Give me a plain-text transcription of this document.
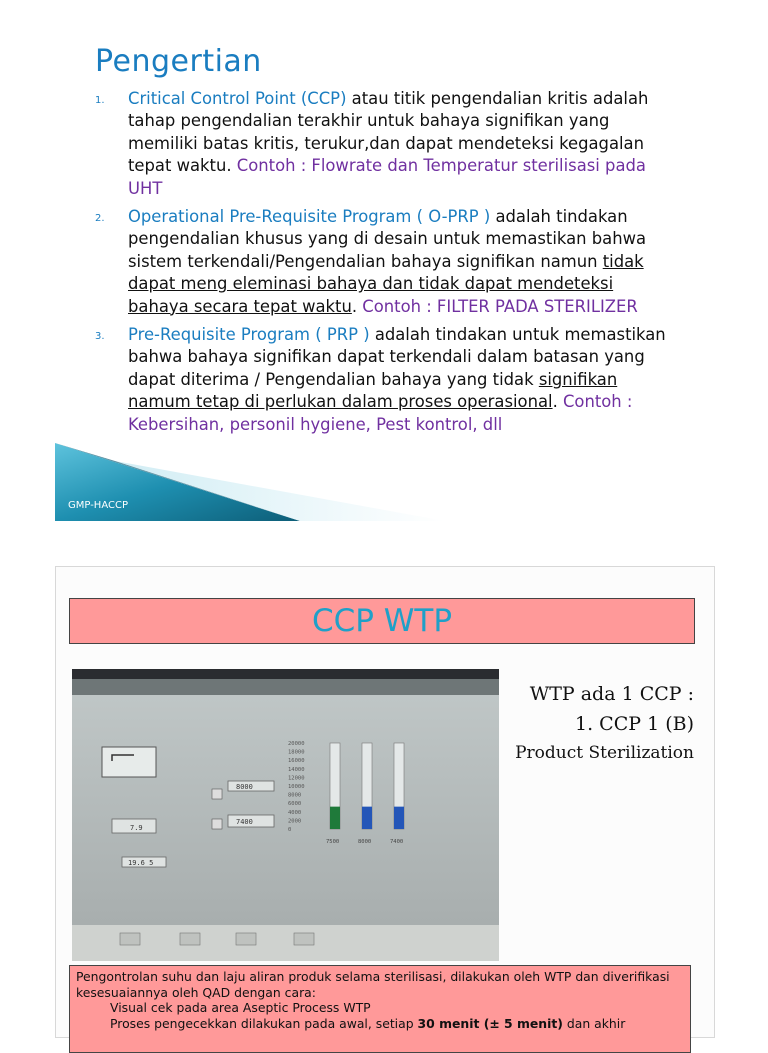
Pengertian
1. Critical Control Point (CCP) atau titik pengendalian kritis adalah tahap pengendalian terakhir untuk bahaya signifikan yang memiliki batas kritis, terukur,dan dapat mendeteksi kegagalan tepat waktu. Contoh : Flowrate dan Temperatur sterilisasi pada UHT
2. Operational Pre-Requisite Program ( O-PRP ) adalah tindakan pengendalian khusus yang di desain untuk memastikan bahwa sistem terkendali/Pengendalian bahaya signifikan namun tidak dapat meng eleminasi bahaya dan tidak dapat mendeteksi bahaya secara tepat waktu. Contoh : FILTER PADA STERILIZER
3. Pre-Requisite Program ( PRP ) adalah tindakan untuk memastikan bahwa bahaya signifikan dapat terkendali dalam batasan yang dapat diterima / Pengendalian bahaya yang tidak signifikan namum tetap di perlukan dalam proses operasional. Contoh : Kebersihan, personil hygiene, Pest kontrol, dll
GMP-HACCP
CCP WTP
7.9
19.6 5
8000
7400
20000
18000
16000
14000
12000
10000
8000
6000
4000
2000
0
7500	8000	7400
WTP ada 1 CCP :
1. CCP 1 (B)
Product Sterilization
Pengontrolan suhu dan laju aliran produk selama sterilisasi, dilakukan oleh WTP dan diverifikasi kesesuaiannya oleh QAD dengan cara:
Visual cek pada area Aseptic Process WTP
Proses pengecekkan dilakukan pada awal, setiap 30 menit (± 5 menit) dan akhir
